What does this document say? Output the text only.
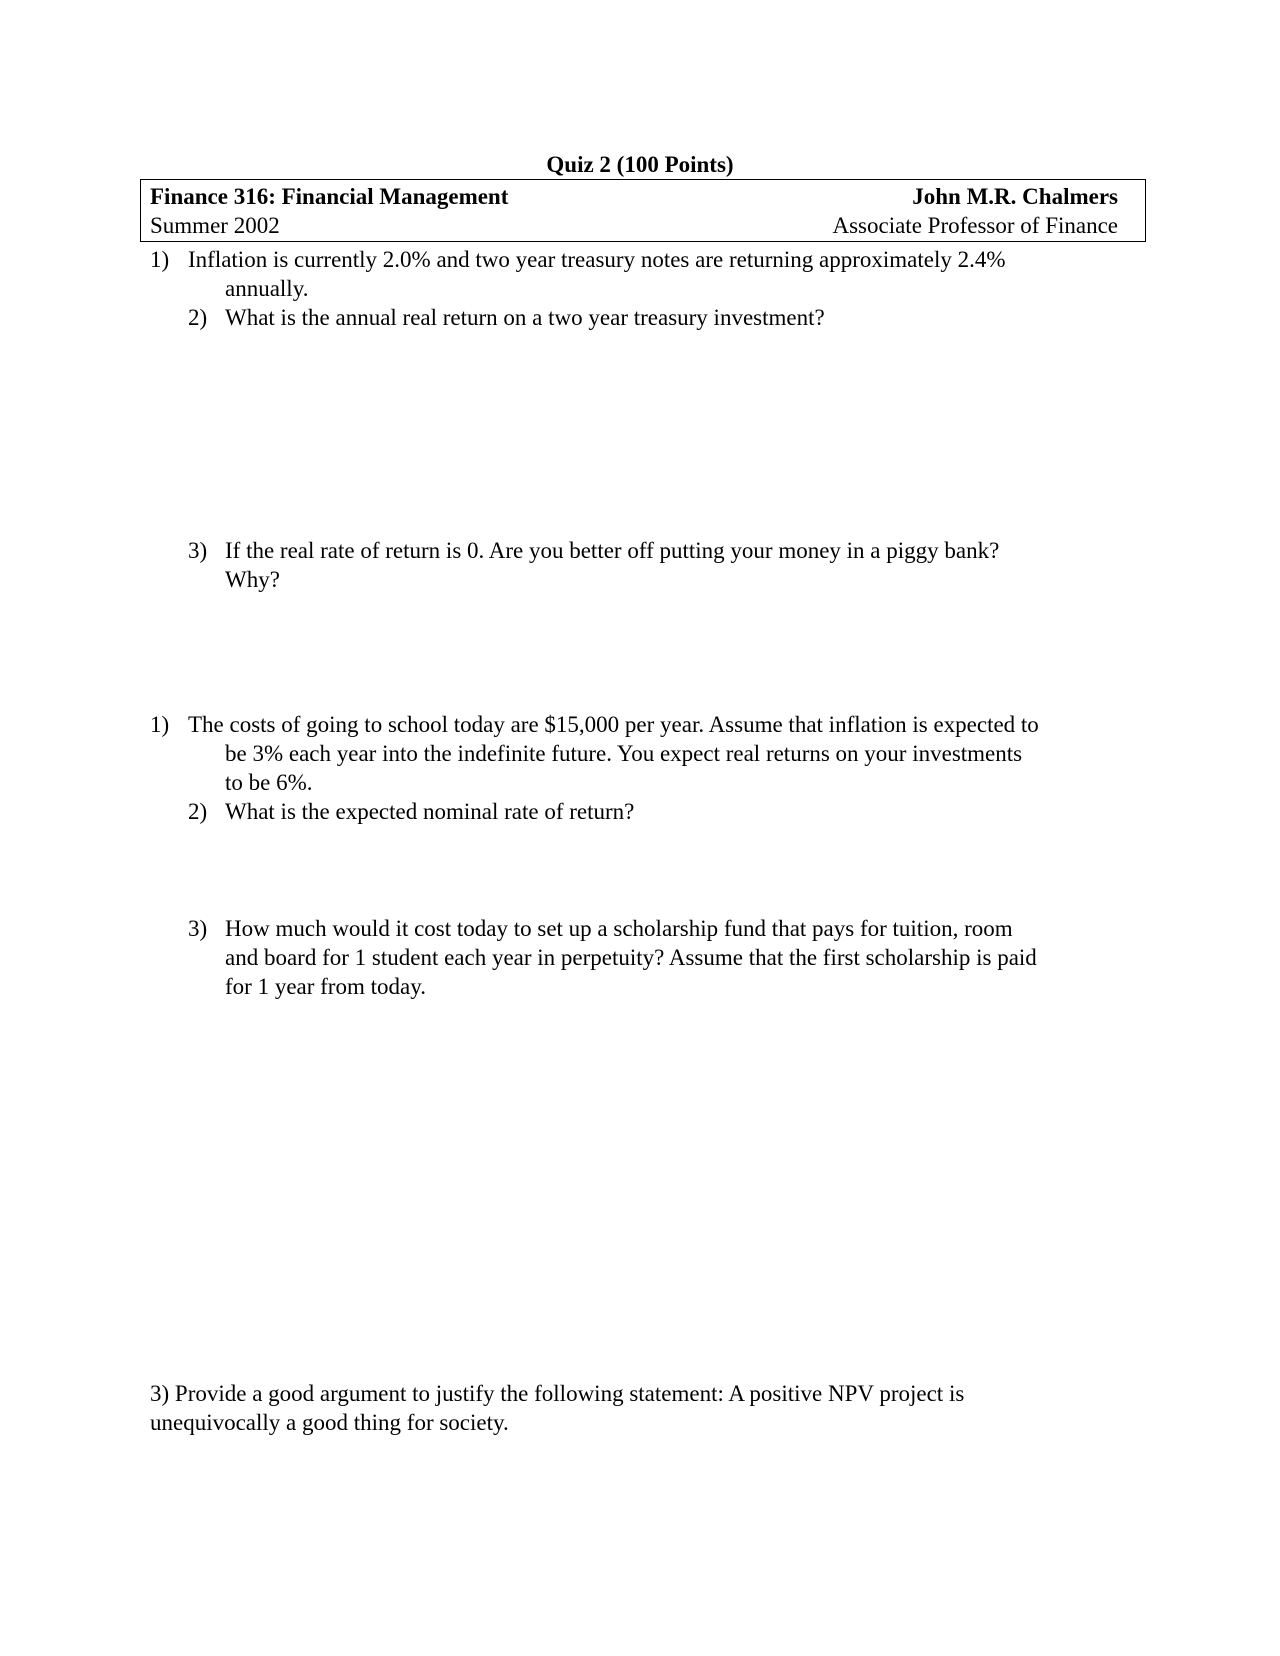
Quiz 2 (100 Points)
Finance 316: Financial Management	John M.R. Chalmers
Summer 2002	Associate Professor of Finance
1) Inflation is currently 2.0% and two year treasury notes are returning approximately 2.4%
annually.
2) What is the annual real return on a two year treasury investment?
3) If the real rate of return is 0. Are you better off putting your money in a piggy bank?
Why?
1) The costs of going to school today are $15,000 per year. Assume that inflation is expected to
be 3% each year into the indefinite future. You expect real returns on your investments
to be 6%.
2) What is the expected nominal rate of return?
3) How much would it cost today to set up a scholarship fund that pays for tuition, room
and board for 1 student each year in perpetuity? Assume that the first scholarship is paid
for 1 year from today.
3) Provide a good argument to justify the following statement: A positive NPV project is
unequivocally a good thing for society.
